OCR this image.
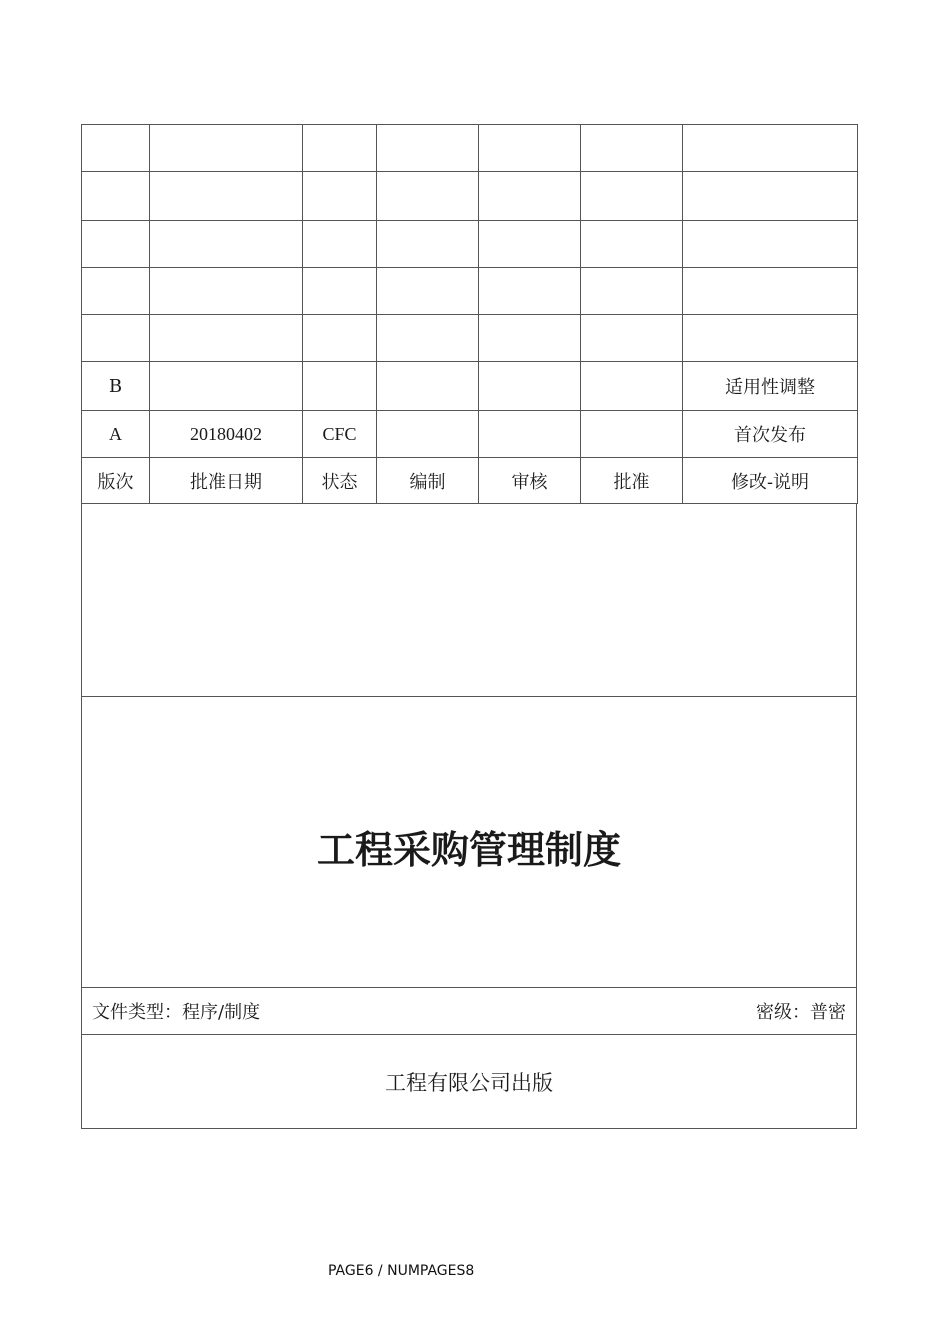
B						适用性调整
A	20180402	CFC				首次发布
版次	批准日期	状态	编制	审核	批准	修改-说明
工程采购管理制度
文件类型：程序/制度	密级：普密
工程有限公司出版
PAGE6 / NUMPAGES8
